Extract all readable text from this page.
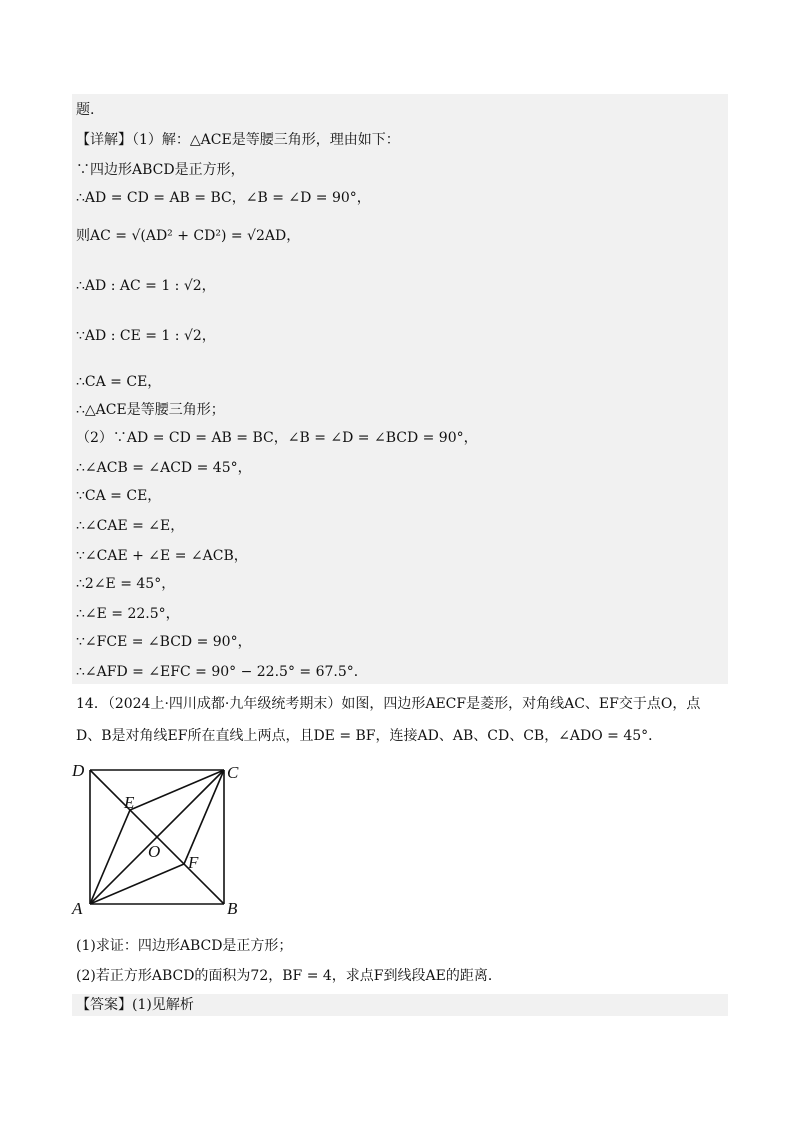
题.
【详解】（1）解：△ACE是等腰三角形，理由如下：
∵四边形ABCD是正方形，
∴AD = CD = AB = BC，∠B = ∠D = 90°，
则AC = √(AD² + CD²) = √2AD，
∴AD : AC = 1 : √2，
∵AD : CE = 1 : √2，
∴CA = CE，
∴△ACE是等腰三角形；
（2）∵AD = CD = AB = BC，∠B = ∠D = ∠BCD = 90°，
∴∠ACB = ∠ACD = 45°，
∵CA = CE，
∴∠CAE = ∠E，
∵∠CAE + ∠E = ∠ACB，
∴2∠E = 45°，
∴∠E = 22.5°，
∵∠FCE = ∠BCD = 90°，
∴∠AFD = ∠EFC = 90° − 22.5° = 67.5°．
14．（2024上·四川成都·九年级统考期末）如图，四边形AECF是菱形，对角线AC、EF交于点O，点
D、B是对角线EF所在直线上两点，且DE = BF，连接AD、AB、CD、CB，∠ADO = 45°．
D	C
E
O
F
A	B
(1)求证：四边形ABCD是正方形；
(2)若正方形ABCD的面积为72，BF = 4，求点F到线段AE的距离．
【答案】(1)见解析
